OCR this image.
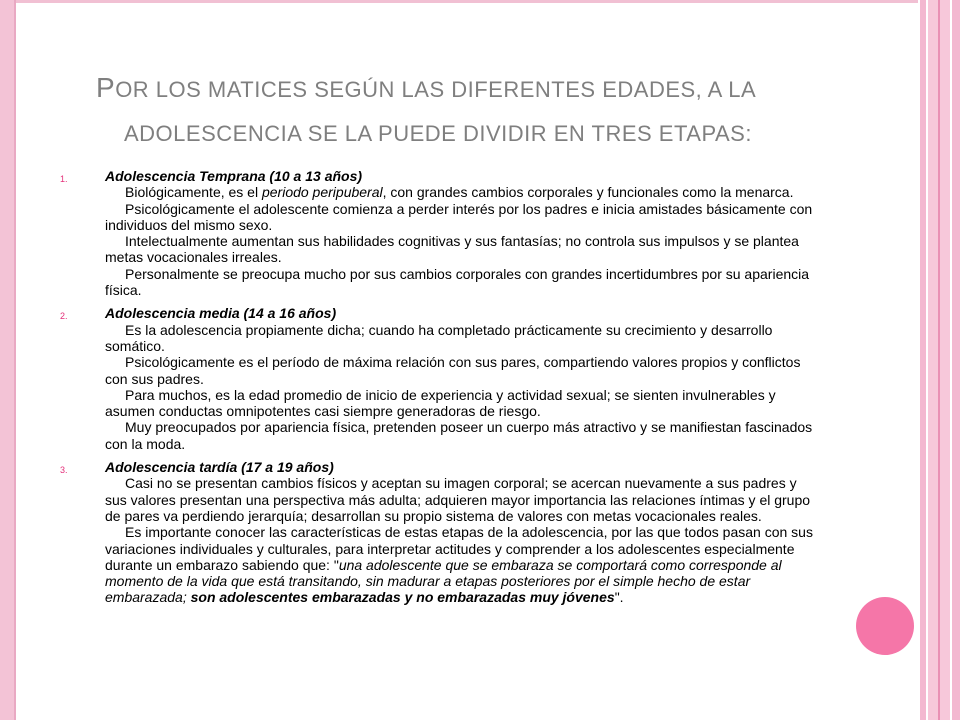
POR LOS MATICES SEGÚN LAS DIFERENTES EDADES, A LA
ADOLESCENCIA SE LA PUEDE DIVIDIR EN TRES ETAPAS:
1.	Adolescencia Temprana (10 a 13 años)
Biológicamente, es el periodo peripuberal, con grandes cambios corporales y funcionales como la menarca.
Psicológicamente el adolescente comienza a perder interés por los padres e inicia amistades básicamente con individuos del mismo sexo.
Intelectualmente aumentan sus habilidades cognitivas y sus fantasías; no controla sus impulsos y se plantea metas vocacionales irreales.
Personalmente se preocupa mucho por sus cambios corporales con grandes incertidumbres por su apariencia física.
2.	Adolescencia media (14 a 16 años)
Es la adolescencia propiamente dicha; cuando ha completado prácticamente su crecimiento y desarrollo somático.
Psicológicamente es el período de máxima relación con sus pares, compartiendo valores propios y conflictos con sus padres.
Para muchos, es la edad promedio de inicio de experiencia y actividad sexual; se sienten invulnerables y asumen conductas omnipotentes casi siempre generadoras de riesgo.
Muy preocupados por apariencia física, pretenden poseer un cuerpo más atractivo y se manifiestan fascinados con la moda.
3.	Adolescencia tardía (17 a 19 años)
Casi no se presentan cambios físicos y aceptan su imagen corporal; se acercan nuevamente a sus padres y sus valores presentan una perspectiva más adulta; adquieren mayor importancia las relaciones íntimas y el grupo de pares va perdiendo jerarquía; desarrollan su propio sistema de valores con metas vocacionales reales.
Es importante conocer las características de estas etapas de la adolescencia, por las que todos pasan con sus variaciones individuales y culturales, para interpretar actitudes y comprender a los adolescentes especialmente durante un embarazo sabiendo que: "una adolescente que se embaraza se comportará como corresponde al momento de la vida que está transitando, sin madurar a etapas posteriores por el simple hecho de estar embarazada; son adolescentes embarazadas y no embarazadas muy jóvenes".
